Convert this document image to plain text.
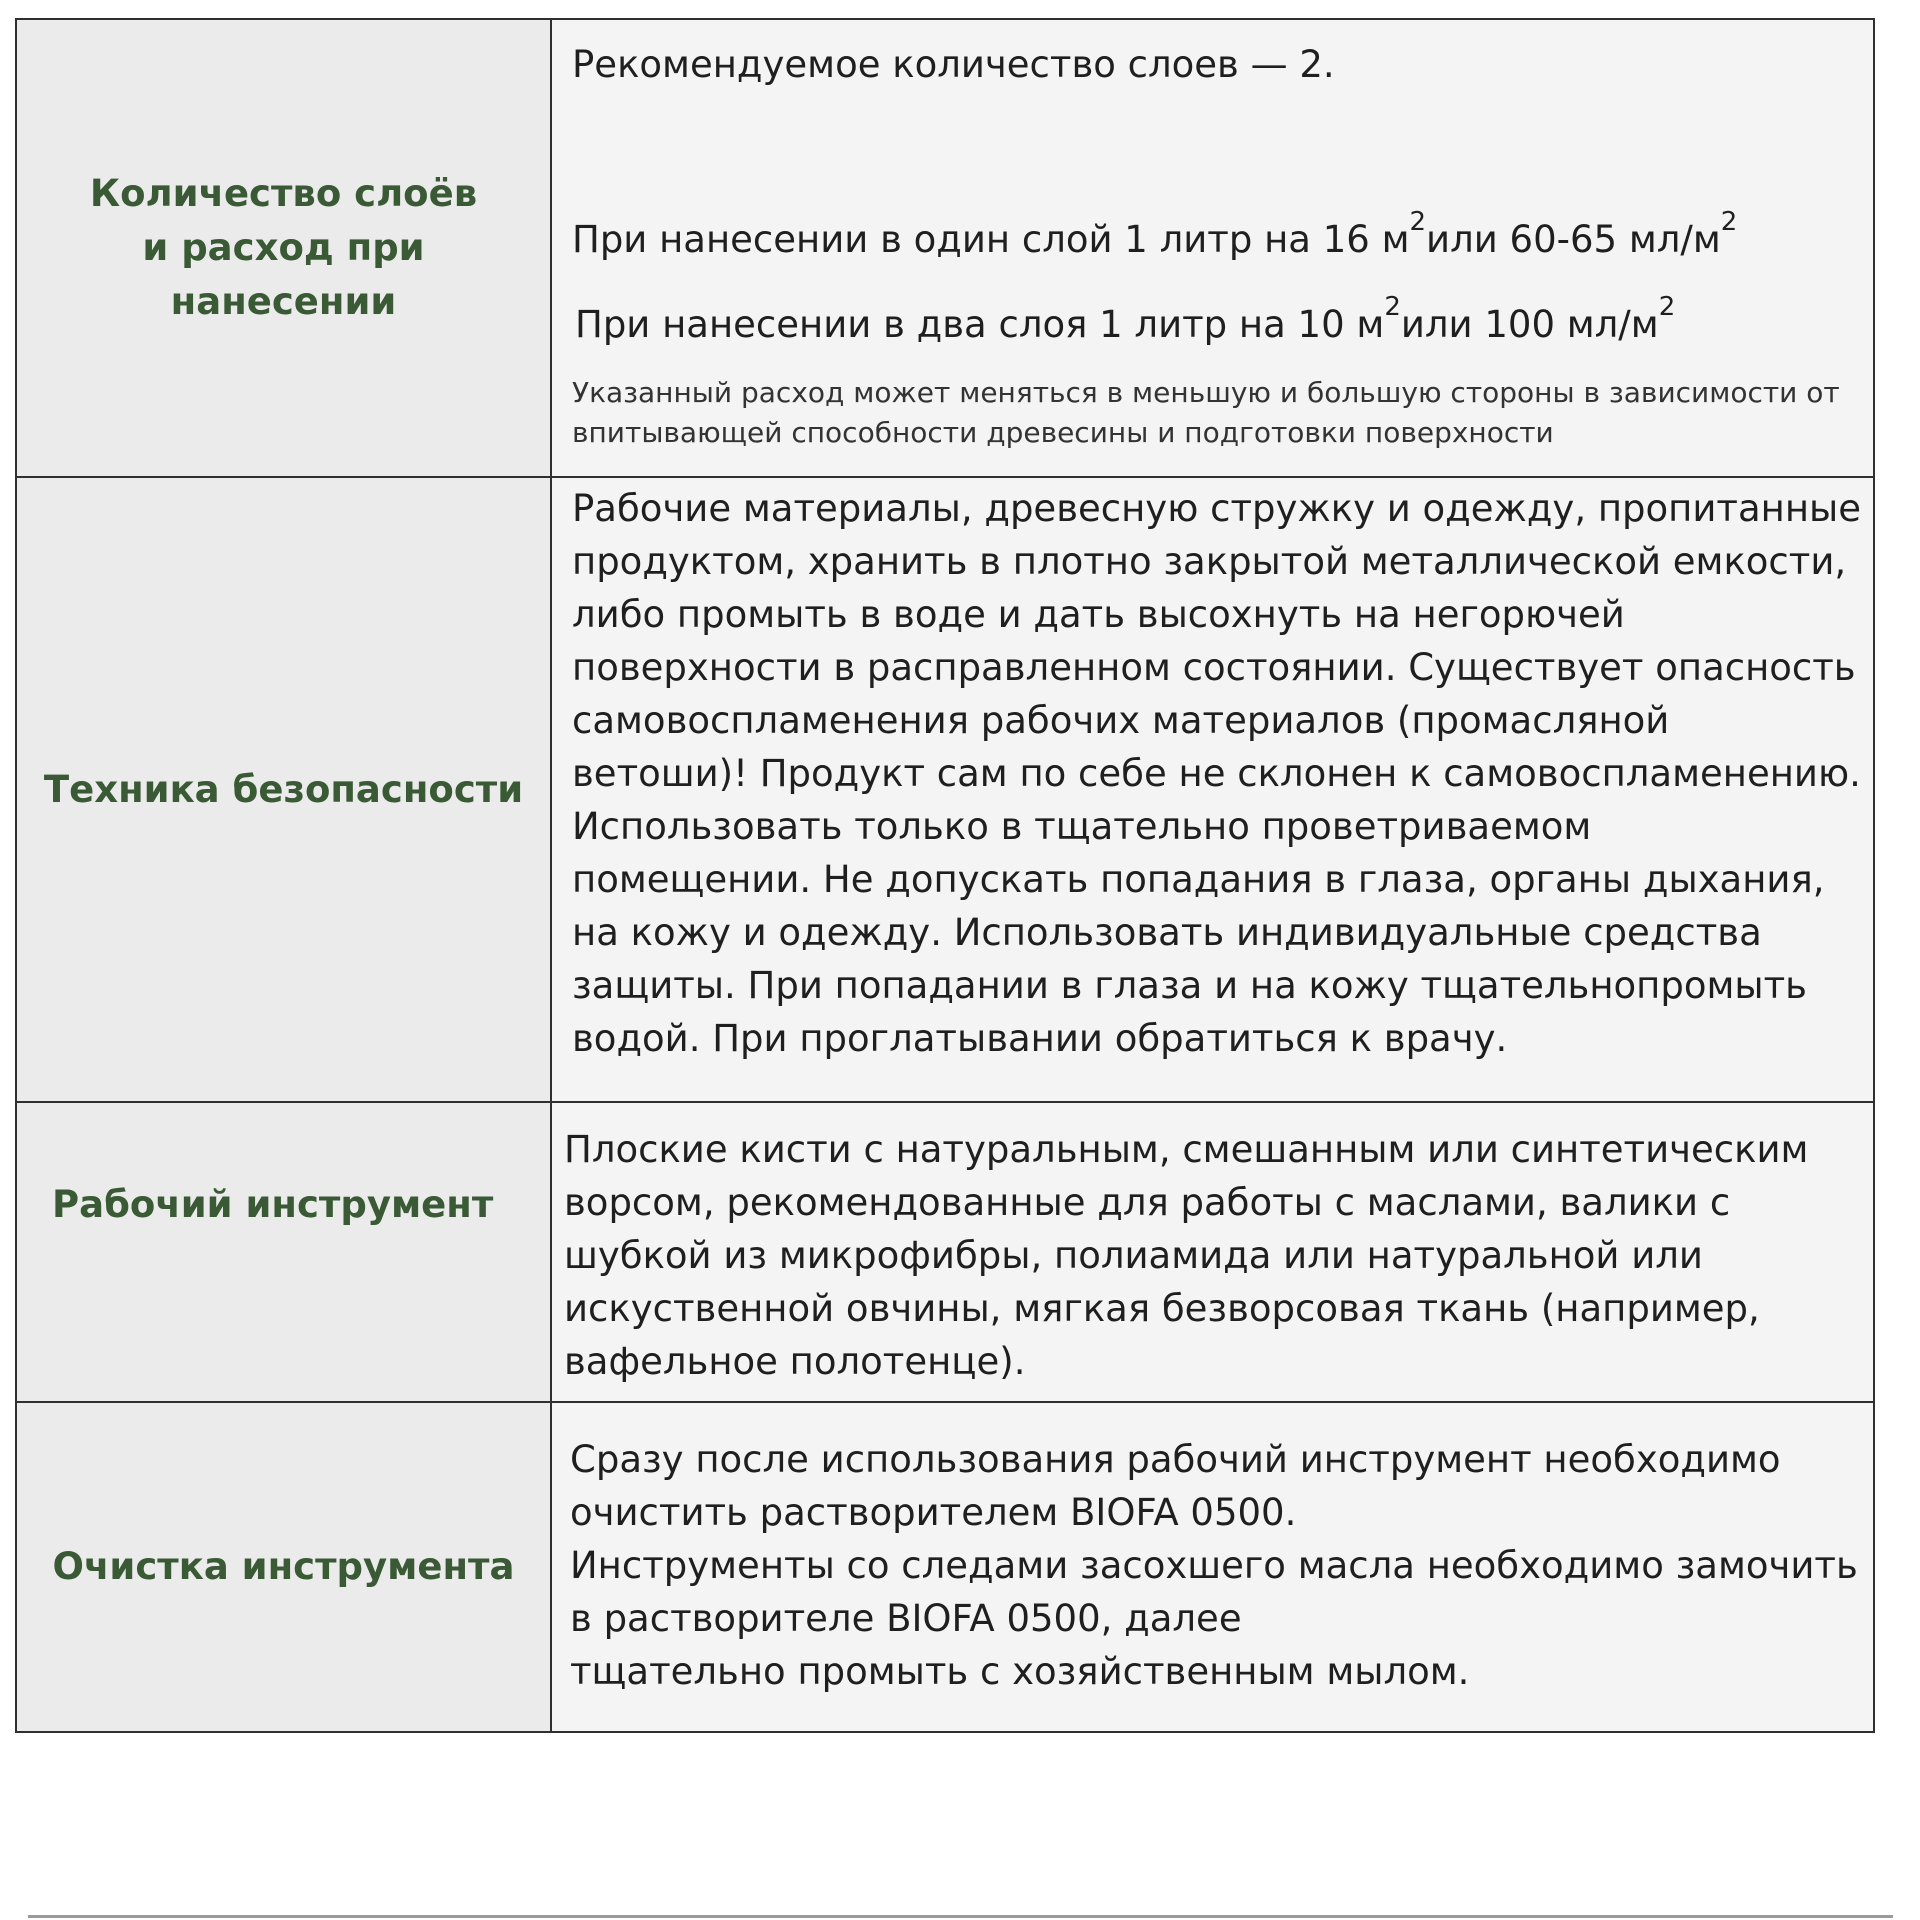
Количество слоёв
и расход при нанесении

Рекомендуемое количество слоев — 2.

При нанесении в один слой 1 литр на 16 $м^2или$ 60-65 $мл/м^2$

При нанесении в два слоя 1 литр на 10 $м^2или$ 100 $мл/м^2$

Указанный расход может меняться в меньшую и большую стороны в зависимости от впитывающей способности древесины и подготовки поверхности

Техника безопасности

Рабочие материалы, древесную стружку и одежду, пропитанные
продуктом, хранить в плотно закрытой металлической емкости,
либо промыть в воде и дать высохнуть на негорючей
поверхности в расправленном состоянии. Существует опасность
самовоспламенения рабочих материалов (промасляной
ветоши)! Продукт сам по себе не склонен к самовоспламенению.
Использовать только в тщательно проветриваемом
помещении. Не допускать попадания в глаза, органы дыхания,
на кожу и одежду. Использовать индивидуальные средства
защиты. При попадании в глаза и на кожу тщательнопромыть
водой. При проглатывании обратиться к врачу.

Рабочий инструмент

Плоские кисти с натуральным, смешанным или синтетическим
ворсом, рекомендованные для работы с маслами, валики с
шубкой из микрофибры, полиамида или натуральной или
искуственной овчины, мягкая безворсовая ткань (например,
вафельное полотенце).

Очистка инструмента

Сразу после использования рабочий инструмент необходимо
очистить растворителем BIOFA 0500.
Инструменты со следами засохшего масла необходимо замочить
в растворителе BIOFA 0500, далее
тщательно промыть с хозяйственным мылом.
